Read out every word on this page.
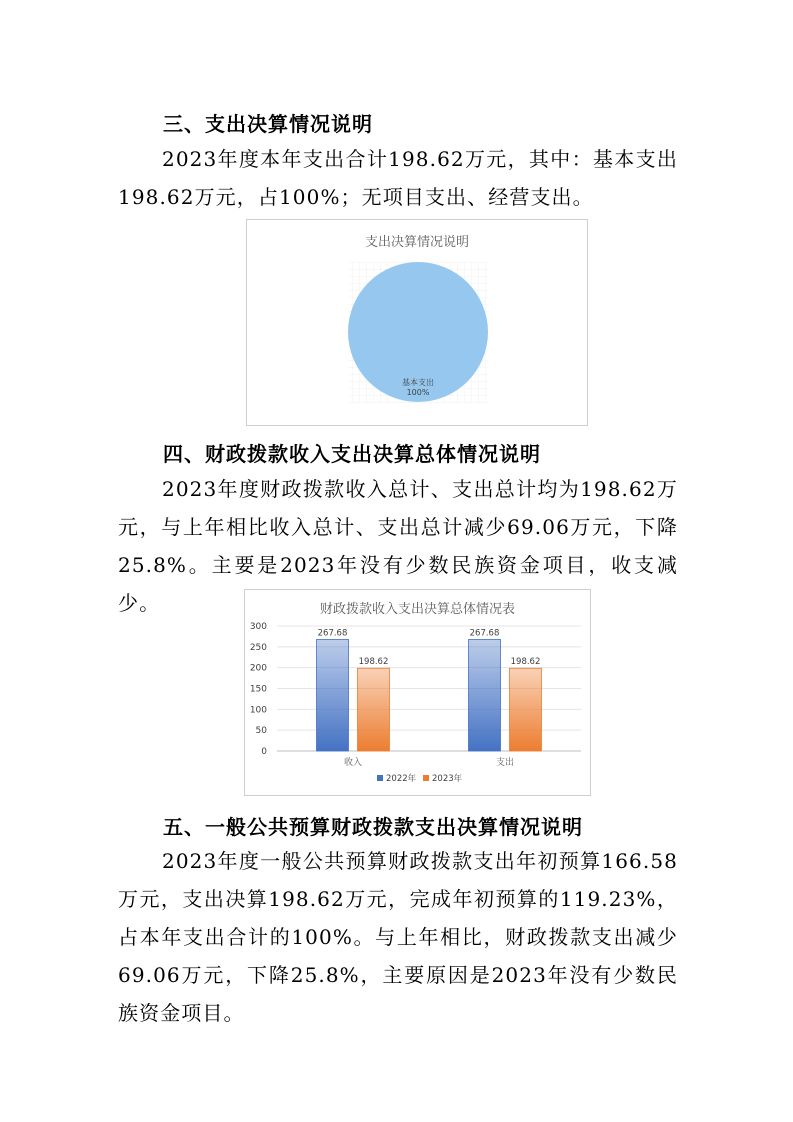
三、支出决算情况说明
2023年度本年支出合计198.62万元，其中：基本支出198.62万元，占100%；无项目支出、经营支出。
支出决算情况说明
基本支出
100%
四、财政拨款收入支出决算总体情况说明
2023年度财政拨款收入总计、支出总计均为198.62万元，与上年相比收入总计、支出总计减少69.06万元，下降25.8%。主要是2023年没有少数民族资金项目，收支减少。	财政拨款收入支出决算总体情况表
300
250
200
150
100
50
0
267.68
198.62
收入
267.68
198.62
支出
2022年 2023年
五、一般公共预算财政拨款支出决算情况说明
2023年度一般公共预算财政拨款支出年初预算166.58万元，支出决算198.62万元，完成年初预算的119.23%，占本年支出合计的100%。与上年相比，财政拨款支出减少69.06万元，下降25.8%，主要原因是2023年没有少数民族资金项目。
